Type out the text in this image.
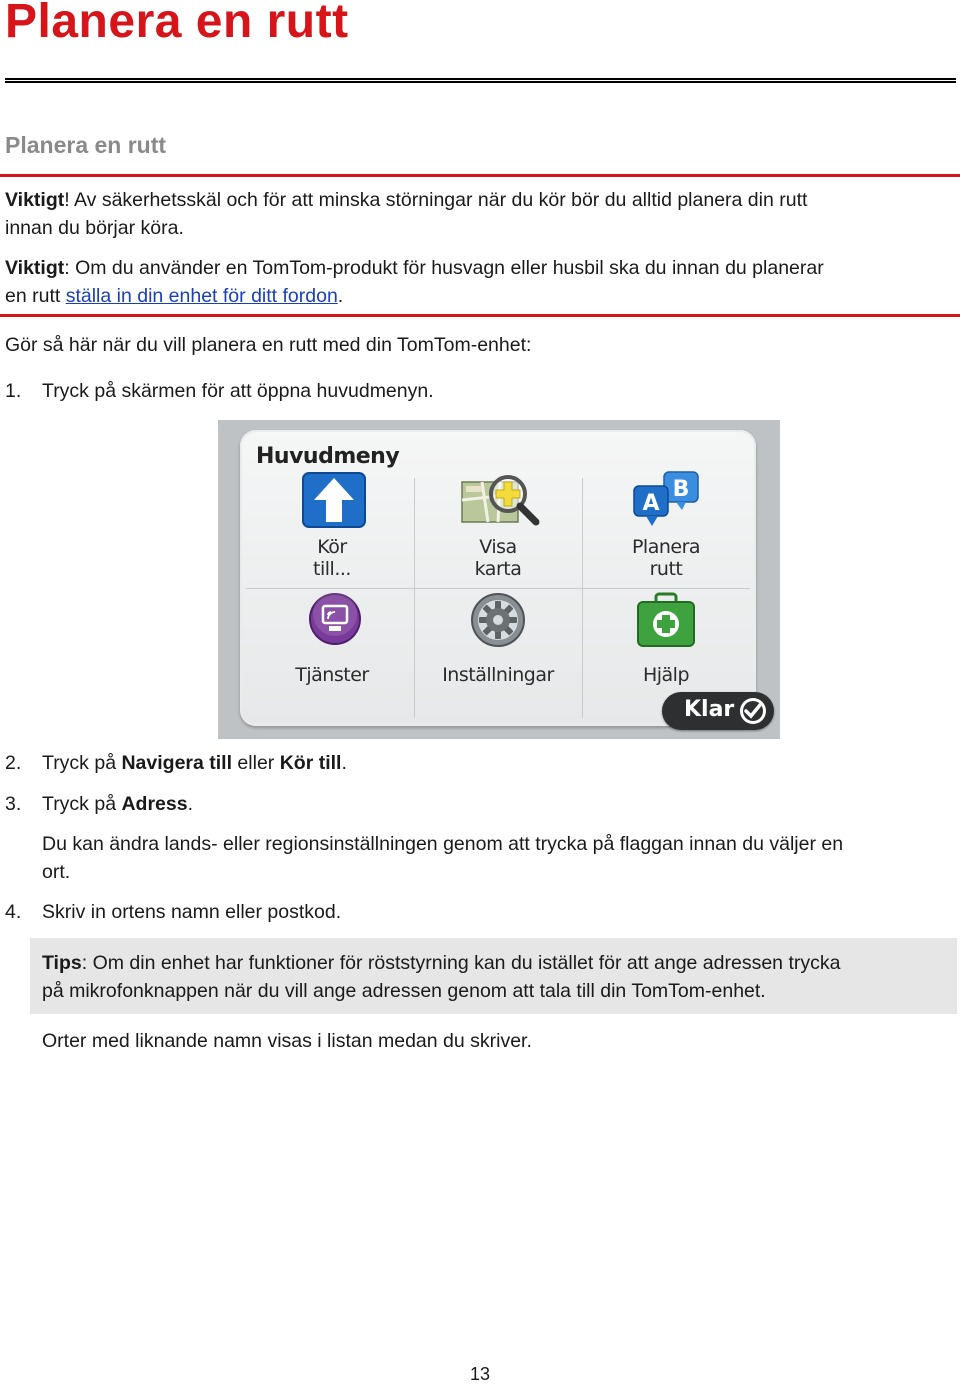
Planera en rutt
Planera en rutt

Viktigt! Av säkerhetsskäl och för att minska störningar när du kör bör du alltid planera din rutt
innan du börjar köra.

Viktigt: Om du använder en TomTom-produkt för husvagn eller husbil ska du innan du planerar
en rutt ställa in din enhet för ditt fordon.

Gör så här när du vill planera en rutt med din TomTom-enhet:

1. Tryck på skärmen för att öppna huvudmenyn.

Huvudmeny
Kör
till...
Visa
karta
B
A
Planera
rutt
Tjänster	Inställningar	Hjälp
Klar
2. Tryck på Navigera till eller Kör till.

3. Tryck på Adress.

Du kan ändra lands- eller regionsinställningen genom att trycka på flaggan innan du väljer en
ort.

4. Skriv in ortens namn eller postkod.

Tips: Om din enhet har funktioner för röststyrning kan du istället för att ange adressen trycka
på mikrofonknappen när du vill ange adressen genom att tala till din TomTom-enhet.

Orter med liknande namn visas i listan medan du skriver.

13
